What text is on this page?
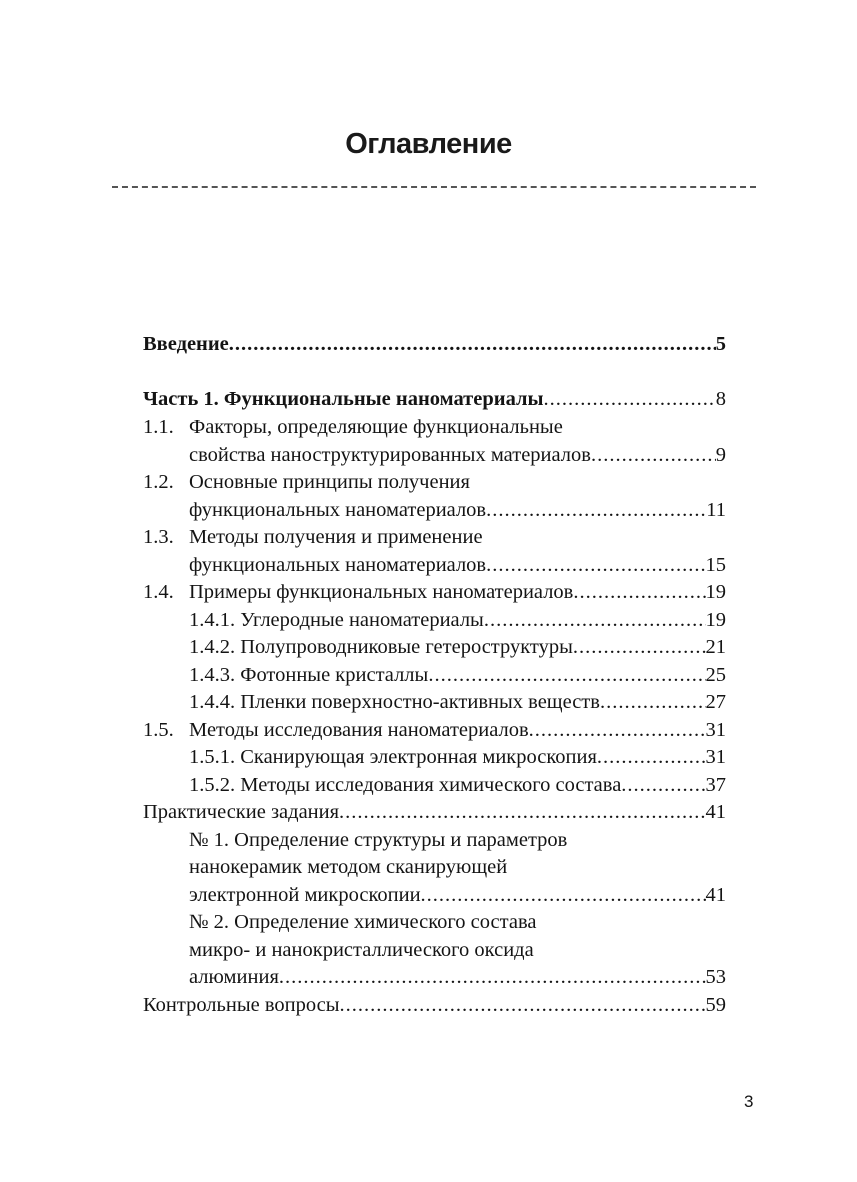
Оглавление
Введение .....	5
Часть 1. Функциональные наноматериалы .....	8
1.1. Факторы, определяющие функциональные
свойства наноструктурированных материалов .....	9
1.2. Основные принципы получения
функциональных наноматериалов .....	11
1.3. Методы получения и применение
функциональных наноматериалов .....	15
1.4. Примеры функциональных наноматериалов .....	19
1.4.1. Углеродные наноматериалы .....	19
1.4.2. Полупроводниковые гетероструктуры .....	21
1.4.3. Фотонные кристаллы .....	25
1.4.4. Пленки поверхностно-активных веществ .....	27
1.5. Методы исследования наноматериалов .....	31
1.5.1. Сканирующая электронная микроскопия .....	31
1.5.2. Методы исследования химического состава .....	37
Практические задания .....	41
№ 1. Определение структуры и параметров
нанокерамик методом сканирующей
электронной микроскопии .....	41
№ 2. Определение химического состава
микро- и нанокристаллического оксида
алюминия .....	53
Контрольные вопросы .....	59
3
